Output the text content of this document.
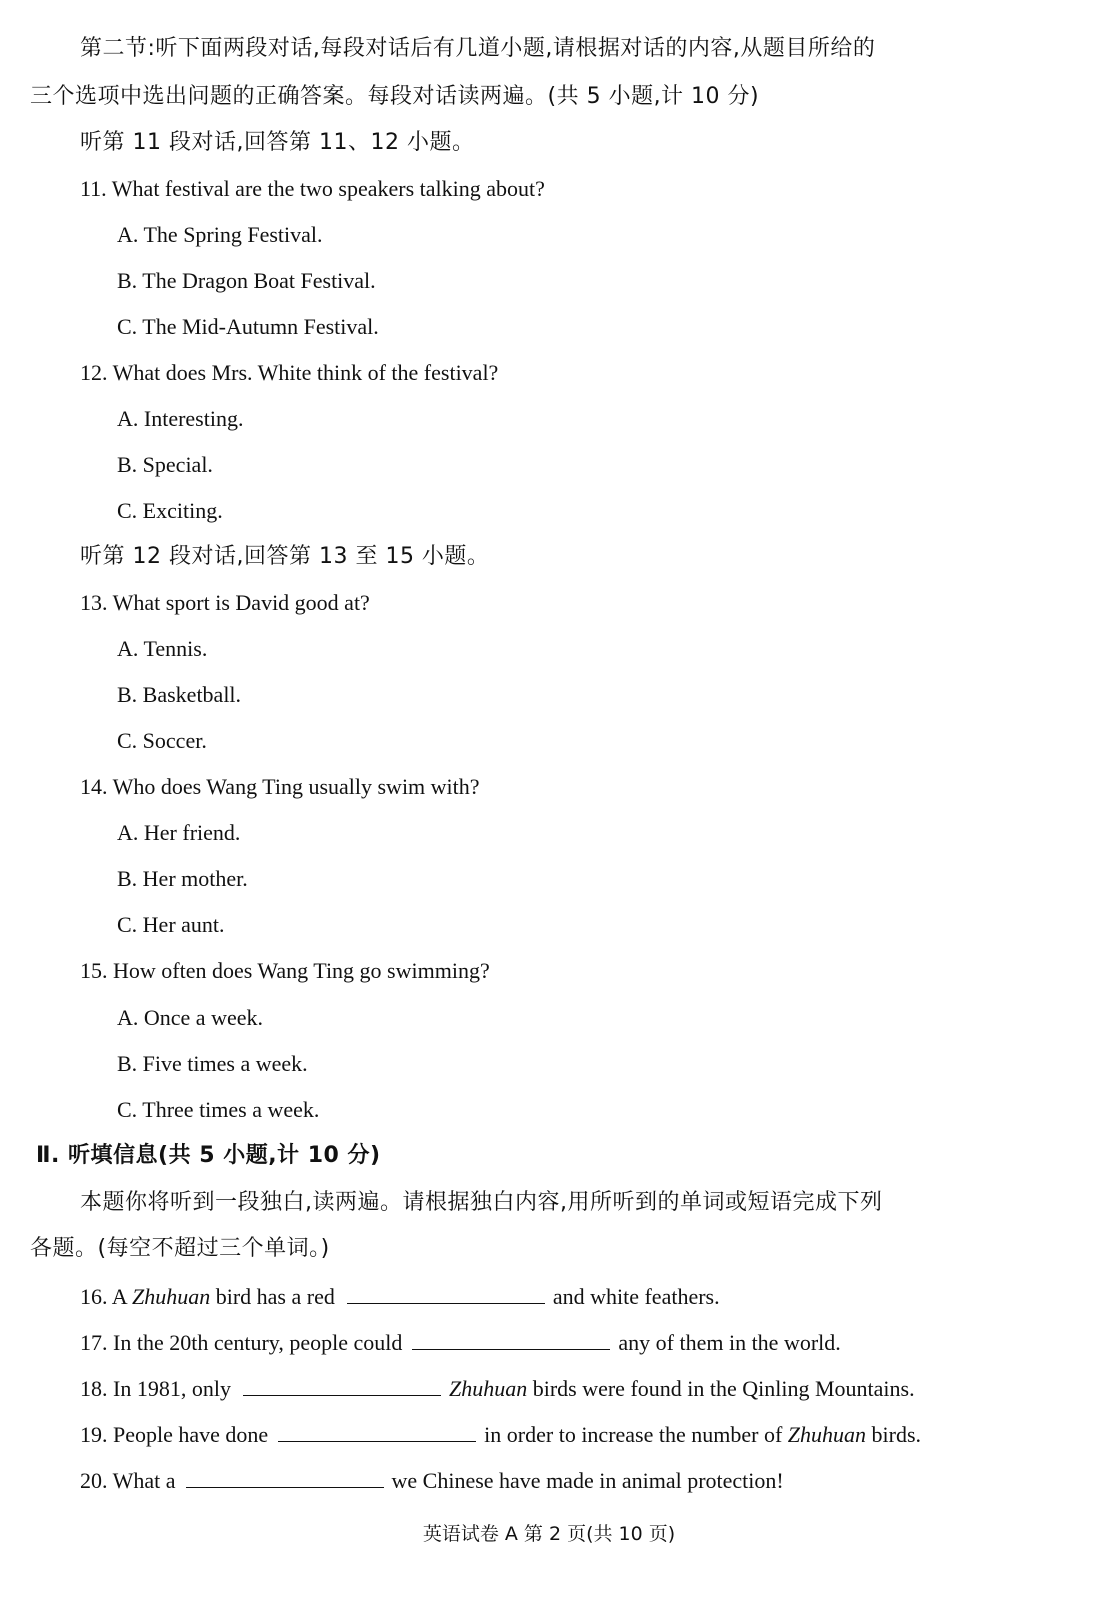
第二节:听下面两段对话,每段对话后有几道小题,请根据对话的内容,从题目所给的
三个选项中选出问题的正确答案。每段对话读两遍。(共 5 小题,计 10 分)
听第 11 段对话,回答第 11、12 小题。
11. What festival are the two speakers talking about?
A. The Spring Festival.
B. The Dragon Boat Festival.
C. The Mid-Autumn Festival.
12. What does Mrs. White think of the festival?
A. Interesting.
B. Special.
C. Exciting.
听第 12 段对话,回答第 13 至 15 小题。
13. What sport is David good at?
A. Tennis.
B. Basketball.
C. Soccer.
14. Who does Wang Ting usually swim with?
A. Her friend.
B. Her mother.
C. Her aunt.
15. How often does Wang Ting go swimming?
A. Once a week.
B. Five times a week.
C. Three times a week.
Ⅱ. 听填信息(共 5 小题,计 10 分)
本题你将听到一段独白,读两遍。请根据独白内容,用所听到的单词或短语完成下列
各题。(每空不超过三个单词。)
16. A Zhuhuan bird has a red	and white feathers.
17. In the 20th century, people could	any of them in the world.
18. In 1981, only	Zhuhuan birds were found in the Qinling Mountains.
19. People have done	in order to increase the number of Zhuhuan birds.
20. What a	we Chinese have made in animal protection!
英语试卷 A 第 2 页(共 10 页)
